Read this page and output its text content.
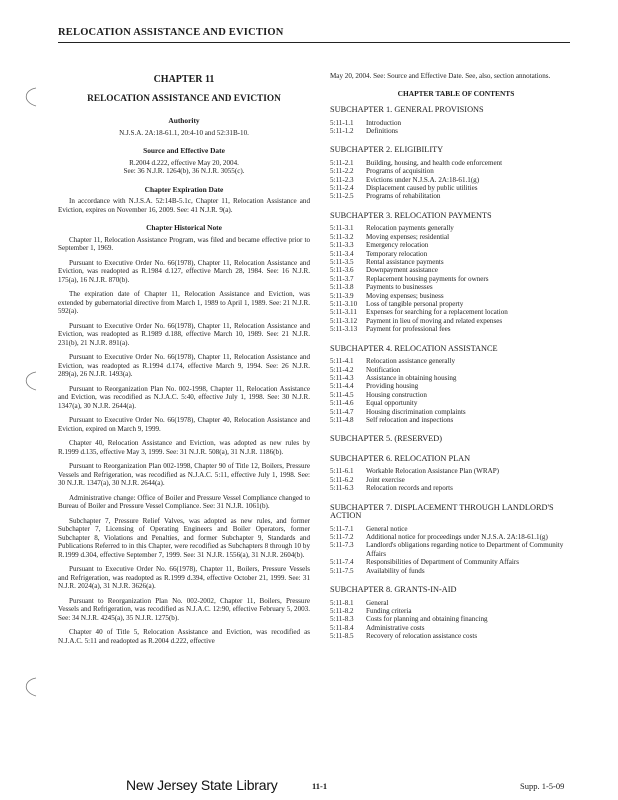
RELOCATION ASSISTANCE AND EVICTION
CHAPTER 11
RELOCATION ASSISTANCE AND EVICTION
Authority
N.J.S.A. 2A:18-61.1, 20:4-10 and 52:31B-10.
Source and Effective Date
R.2004 d.222, effective May 20, 2004.
See: 36 N.J.R. 1264(b), 36 N.J.R. 3055(c).
Chapter Expiration Date
In accordance with N.J.S.A. 52:14B-5.1c, Chapter 11, Relocation Assistance and Eviction, expires on November 16, 2009. See: 41 N.J.R. 9(a).
Chapter Historical Note
Chapter 11, Relocation Assistance Program, was filed and became effective prior to September 1, 1969.
Pursuant to Executive Order No. 66(1978), Chapter 11, Relocation Assistance and Eviction, was readopted as R.1984 d.127, effective March 28, 1984. See: 16 N.J.R. 175(a), 16 N.J.R. 870(b).
The expiration date of Chapter 11, Relocation Assistance and Eviction, was extended by gubernatorial directive from March 1, 1989 to April 1, 1989. See: 21 N.J.R. 592(a).
Pursuant to Executive Order No. 66(1978), Chapter 11, Relocation Assistance and Eviction, was readopted as R.1989 d.188, effective March 10, 1989. See: 21 N.J.R. 231(b), 21 N.J.R. 891(a).
Pursuant to Executive Order No. 66(1978), Chapter 11, Relocation Assistance and Eviction, was readopted as R.1994 d.174, effective March 9, 1994. See: 26 N.J.R. 289(a), 26 N.J.R. 1493(a).
Pursuant to Reorganization Plan No. 002-1998, Chapter 11, Relocation Assistance and Eviction, was recodified as N.J.A.C. 5:40, effective July 1, 1998. See: 30 N.J.R. 1347(a), 30 N.J.R. 2644(a).
Pursuant to Executive Order No. 66(1978), Chapter 40, Relocation Assistance and Eviction, expired on March 9, 1999.
Chapter 40, Relocation Assistance and Eviction, was adopted as new rules by R.1999 d.135, effective May 3, 1999. See: 31 N.J.R. 508(a), 31 N.J.R. 1186(b).
Pursuant to Reorganization Plan 002-1998, Chapter 90 of Title 12, Boilers, Pressure Vessels and Refrigeration, was recodified as N.J.A.C. 5:11, effective July 1, 1998. See: 30 N.J.R. 1347(a), 30 N.J.R. 2644(a).
Administrative change: Office of Boiler and Pressure Vessel Compliance changed to Bureau of Boiler and Pressure Vessel Compliance. See: 31 N.J.R. 1061(b).
Subchapter 7, Pressure Relief Valves, was adopted as new rules, and former Subchapter 7, Licensing of Operating Engineers and Boiler Operators, former Subchapter 8, Violations and Penalties, and former Subchapter 9, Standards and Publications Referred to in this Chapter, were recodified as Subchapters 8 through 10 by R.1999 d.304, effective September 7, 1999. See: 31 N.J.R. 1556(a), 31 N.J.R. 2604(b).
Pursuant to Executive Order No. 66(1978), Chapter 11, Boilers, Pressure Vessels and Refrigeration, was readopted as R.1999 d.394, effective October 21, 1999. See: 31 N.J.R. 2024(a), 31 N.J.R. 3626(a).
Pursuant to Reorganization Plan No. 002-2002, Chapter 11, Boilers, Pressure Vessels and Refrigeration, was recodified as N.J.A.C. 12:90, effective February 5, 2003. See: 34 N.J.R. 4245(a), 35 N.J.R. 1275(b).
Chapter 40 of Title 5, Relocation Assistance and Eviction, was recodified as N.J.A.C. 5:11 and readopted as R.2004 d.222, effective
May 20, 2004. See: Source and Effective Date. See, also, section annotations.
CHAPTER TABLE OF CONTENTS
SUBCHAPTER 1. GENERAL PROVISIONS
5:11-1.1	Introduction
5:11-1.2	Definitions
SUBCHAPTER 2. ELIGIBILITY
5:11-2.1	Building, housing, and health code enforcement
5:11-2.2	Programs of acquisition
5:11-2.3	Evictions under N.J.S.A. 2A:18-61.1(g)
5:11-2.4	Displacement caused by public utilities
5:11-2.5	Programs of rehabilitation
SUBCHAPTER 3. RELOCATION PAYMENTS
5:11-3.1	Relocation payments generally
5:11-3.2	Moving expenses; residential
5:11-3.3	Emergency relocation
5:11-3.4	Temporary relocation
5:11-3.5	Rental assistance payments
5:11-3.6	Downpayment assistance
5:11-3.7	Replacement housing payments for owners
5:11-3.8	Payments to businesses
5:11-3.9	Moving expenses; business
5:11-3.10	Loss of tangible personal property
5:11-3.11	Expenses for searching for a replacement location
5:11-3.12	Payment in lieu of moving and related expenses
5:11-3.13	Payment for professional fees
SUBCHAPTER 4. RELOCATION ASSISTANCE
5:11-4.1	Relocation assistance generally
5:11-4.2	Notification
5:11-4.3	Assistance in obtaining housing
5:11-4.4	Providing housing
5:11-4.5	Housing construction
5:11-4.6	Equal opportunity
5:11-4.7	Housing discrimination complaints
5:11-4.8	Self relocation and inspections
SUBCHAPTER 5. (RESERVED)
SUBCHAPTER 6. RELOCATION PLAN
5:11-6.1	Workable Relocation Assistance Plan (WRAP)
5:11-6.2	Joint exercise
5:11-6.3	Relocation records and reports
SUBCHAPTER 7. DISPLACEMENT THROUGH LANDLORD'S ACTION
5:11-7.1	General notice
5:11-7.2	Additional notice for proceedings under N.J.S.A. 2A:18-61.1(g)
5:11-7.3	Landlord's obligations regarding notice to Department of Community Affairs
5:11-7.4	Responsibilities of Department of Community Affairs
5:11-7.5	Availability of funds
SUBCHAPTER 8. GRANTS-IN-AID
5:11-8.1	General
5:11-8.2	Funding criteria
5:11-8.3	Costs for planning and obtaining financing
5:11-8.4	Administrative costs
5:11-8.5	Recovery of relocation assistance costs
New Jersey State Library	11-1	Supp. 1-5-09
